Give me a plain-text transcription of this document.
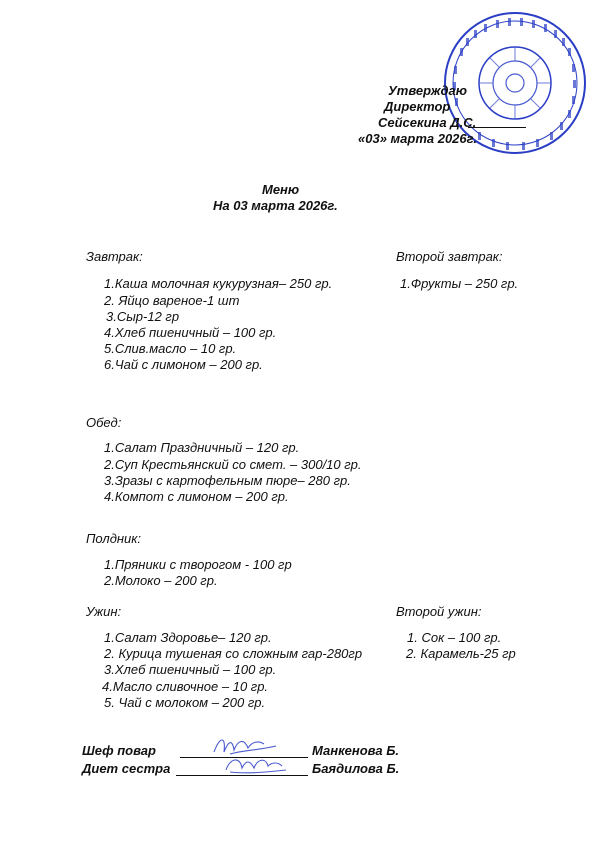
Утверждаю
Директор
Сейсекина Д.С.
«03» марта 2026г.
Меню
На 03 марта 2026г.
Завтрак:
1.Каша молочная кукурузная– 250 гр.
2. Яйцо вареное-1 шт
3.Сыр-12 гр
4.Хлеб пшеничный – 100 гр.
5.Слив.масло – 10 гр.
6.Чай с лимоном – 200 гр.
Второй завтрак:
1.Фрукты – 250 гр.
Обед:
1.Салат Праздничный – 120 гр.
2.Суп Крестьянский со смет. – 300/10 гр.
3.Зразы с картофельным пюре– 280 гр.
4.Компот с лимоном – 200 гр.
Полдник:
1.Пряники с творогом - 100 гр
2.Молоко – 200 гр.
Ужин:
1.Салат Здоровье– 120 гр.
2. Курица тушеная со сложным гар-280гр
3.Хлеб пшеничный – 100 гр.
4.Масло сливочное – 10 гр.
5. Чай с молоком – 200 гр.
Второй ужин:
1. Сок – 100 гр.
2. Карамель-25 гр
Шеф повар	Манкенова Б.
Диет сестра	Баядилова Б.
